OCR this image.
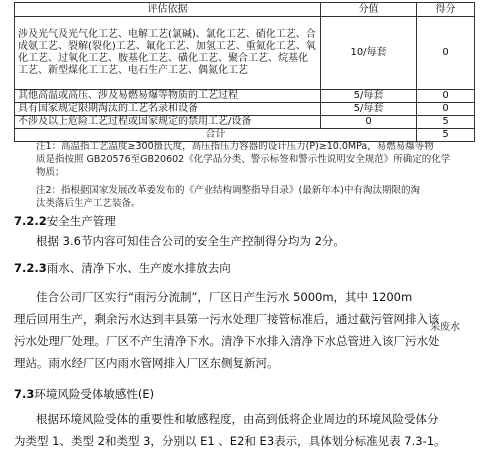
评估依据	分值	得分
涉及光气及光气化工艺、电解工艺(氯碱)、氯化工艺、硝化工艺、合成氨工艺、裂解(裂化)工艺、氟化工艺、加氢工艺、重氮化工艺、氧化工艺、过氧化工艺、胺基化工艺、磺化工艺、聚合工艺、烷基化工艺、新型煤化工工艺、电石生产工艺、偶氮化工艺	10/每套	0
其他高温或高压、涉及易燃易爆等物质的工艺过程	5/每套	0
具有国家规定限期淘汰的工艺名录和设备	5/每套	0
不涉及以上危险工艺过程或国家规定的禁用工艺/设备	0	5
合计		5
注1：高温指工艺温度≥300摄氏度，高压指压力容器的设计压力(P)≥10.0MPa，易燃易爆等物
质是指按照 GB20576至GB20602《化学品分类、警示标签和警示性说明安全规范》所确定的化学
物质；
注2：指根据国家发展改革委发布的《产业结构调整指导目录》(最新年本)中有淘汰期限的淘
汰类落后生产工艺装备。
7.2.2安全生产管理
根据 3.6节内容可知佳合公司的安全生产控制得分均为 2分。
7.2.3雨水、清净下水、生产废水排放去向
佳合公司厂区实行“雨污分流制”，厂区日产生污水 5000m，其中 1200m
理后回用生产，剩余污水达到丰县第一污水处理厂接管标准后，通过截污管网排入该
污水处理厂处理。厂区不产生清净下水。清净下水排入清净下水总管进入该厂污水处
理站。雨水经厂区内雨水管网排入厂区东侧复新河。
采废水
7.3环境风险受体敏感性(E)
根据环境风险受体的重要性和敏感程度，由高到低将企业周边的环境风险受体分
为类型 1、类型 2和类型 3，分别以 E1 、E2和 E3表示，具体划分标准见表 7.3-1。
